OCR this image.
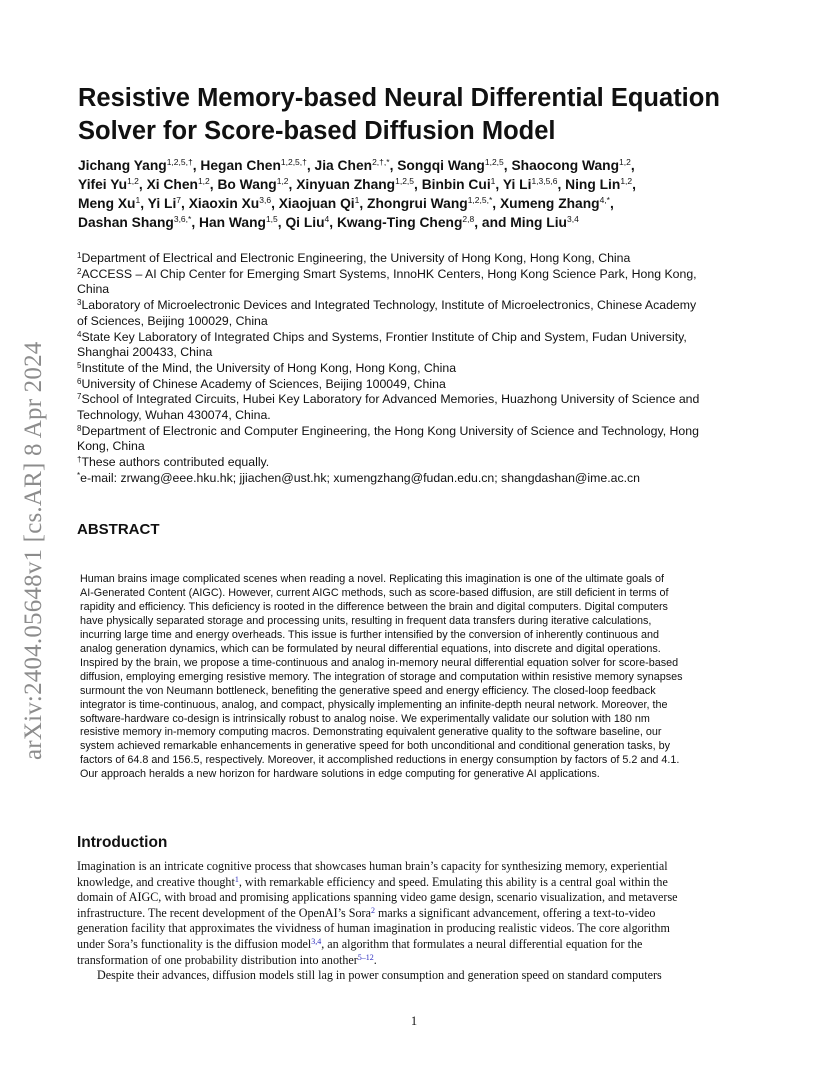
arXiv:2404.05648v1 [cs.AR] 8 Apr 2024
Resistive Memory-based Neural Differential Equation
Solver for Score-based Diffusion Model
Jichang Yang$^{1,2,5,\dagger}$, Hegan Chen$^{1,2,5,\dagger}$, Jia Chen$^{2,\dagger,*}$, Songqi Wang$^{1,2,5}$, Shaocong Wang$^{1,2}$,
Yifei Yu$^{1,2}$, Xi Chen$^{1,2}$, Bo Wang$^{1,2}$, Xinyuan Zhang$^{1,2,5}$, Binbin Cui$^1$, Yi Li$^{1,3,5,6}$, Ning Lin$^{1,2}$,
Meng Xu$^1$, Yi Li$^7$, Xiaoxin Xu$^{3,6}$, Xiaojuan Qi$^1$, Zhongrui Wang$^{1,2,5,*}$, Xumeng Zhang$^{4,*}$,
Dashan Shang$^{3,6,*}$, Han Wang$^{1,5}$, Qi Liu$^4$, Kwang-Ting Cheng$^{2,8}$, and Ming Liu$^{3,4}$
$^1$Department of Electrical and Electronic Engineering, the University of Hong Kong, Hong Kong, China
$^2$ACCESS – AI Chip Center for Emerging Smart Systems, InnoHK Centers, Hong Kong Science Park, Hong Kong,
China
$^3$Laboratory of Microelectronic Devices and Integrated Technology, Institute of Microelectronics, Chinese Academy
of Sciences, Beijing 100029, China
$^4$State Key Laboratory of Integrated Chips and Systems, Frontier Institute of Chip and System, Fudan University,
Shanghai 200433, China
$^5$Institute of the Mind, the University of Hong Kong, Hong Kong, China
$^6$University of Chinese Academy of Sciences, Beijing 100049, China
$^7$School of Integrated Circuits, Hubei Key Laboratory for Advanced Memories, Huazhong University of Science and
Technology, Wuhan 430074, China.
$^8$Department of Electronic and Computer Engineering, the Hong Kong University of Science and Technology, Hong
Kong, China
†These authors contributed equally.
*e-mail: zrwang@eee.hku.hk; jjiachen@ust.hk; xumengzhang@fudan.edu.cn; shangdashan@ime.ac.cn
ABSTRACT
Human brains image complicated scenes when reading a novel. Replicating this imagination is one of the ultimate goals of
AI-Generated Content (AIGC). However, current AIGC methods, such as score-based diffusion, are still deficient in terms of
rapidity and efficiency. This deficiency is rooted in the difference between the brain and digital computers. Digital computers
have physically separated storage and processing units, resulting in frequent data transfers during iterative calculations,
incurring large time and energy overheads. This issue is further intensified by the conversion of inherently continuous and
analog generation dynamics, which can be formulated by neural differential equations, into discrete and digital operations.
Inspired by the brain, we propose a time-continuous and analog in-memory neural differential equation solver for score-based
diffusion, employing emerging resistive memory. The integration of storage and computation within resistive memory synapses
surmount the von Neumann bottleneck, benefiting the generative speed and energy efficiency. The closed-loop feedback
integrator is time-continuous, analog, and compact, physically implementing an infinite-depth neural network. Moreover, the
software-hardware co-design is intrinsically robust to analog noise. We experimentally validate our solution with 180 nm
resistive memory in-memory computing macros. Demonstrating equivalent generative quality to the software baseline, our
system achieved remarkable enhancements in generative speed for both unconditional and conditional generation tasks, by
factors of 64.8 and 156.5, respectively. Moreover, it accomplished reductions in energy consumption by factors of 5.2 and 4.1.
Our approach heralds a new horizon for hardware solutions in edge computing for generative AI applications.
Introduction
Imagination is an intricate cognitive process that showcases human brain’s capacity for synthesizing memory, experiential
knowledge, and creative thought$^1$, with remarkable efficiency and speed. Emulating this ability is a central goal within the
domain of AIGC, with broad and promising applications spanning video game design, scenario visualization, and metaverse
infrastructure. The recent development of the OpenAI’s Sora$^2$ marks a significant advancement, offering a text-to-video
generation facility that approximates the vividness of human imagination in producing realistic videos. The core algorithm
under Sora’s functionality is the diffusion model$^{3,4}$, an algorithm that formulates a neural differential equation for the
transformation of one probability distribution into another$^{5-12}$.
Despite their advances, diffusion models still lag in power consumption and generation speed on standard computers
1
